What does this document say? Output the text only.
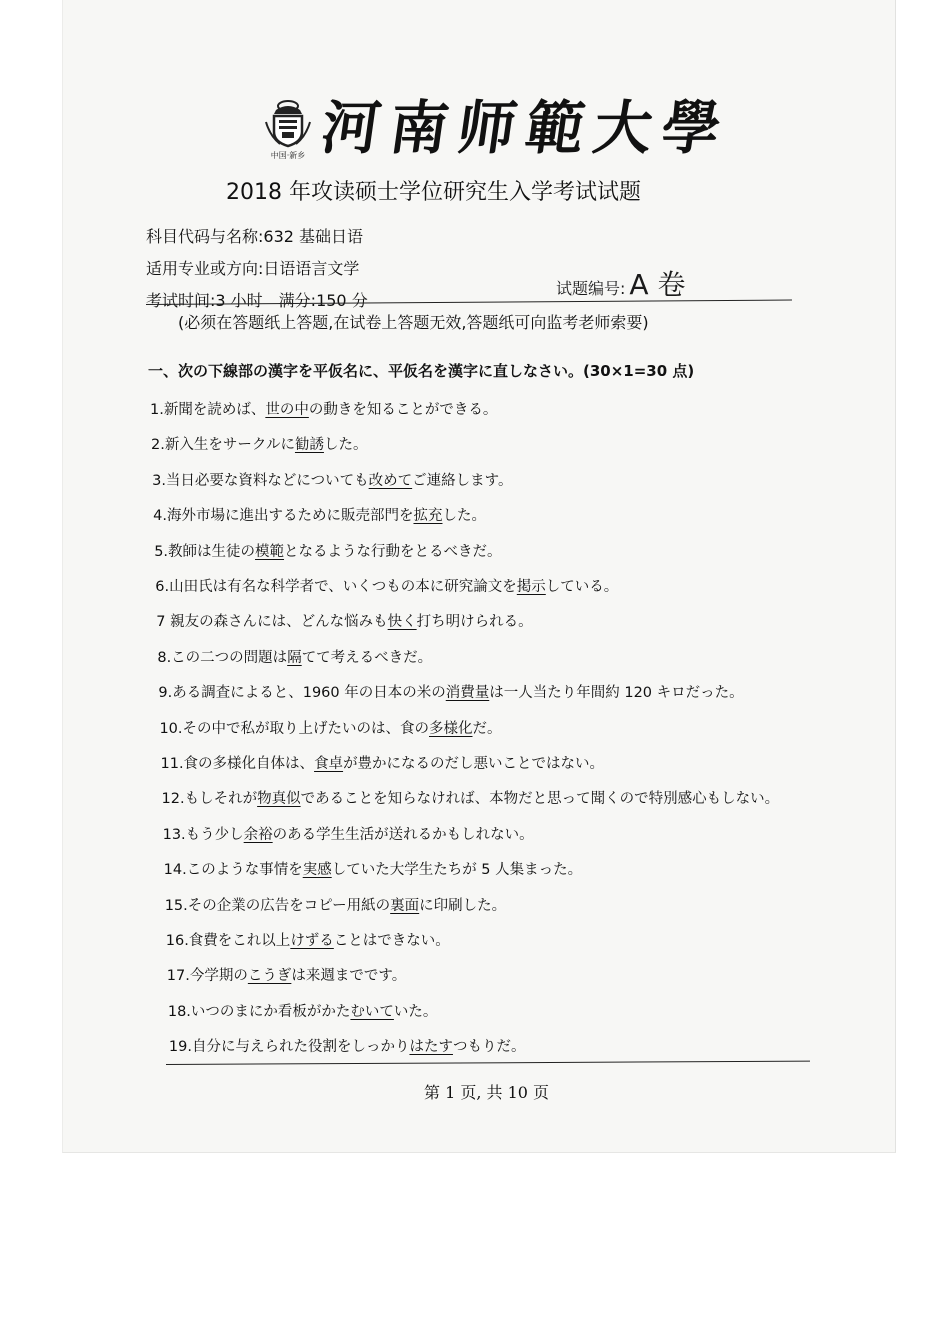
中国·新乡 河南师範大學
2018 年攻读硕士学位研究生入学考试试题
科目代码与名称:632 基础日语
适用专业或方向:日语语言文学
考试时间:3 小时 满分:150 分
试题编号: A 卷
(必须在答题纸上答题,在试卷上答题无效,答题纸可向监考老师索要)
一、次の下線部の漢字を平仮名に、平仮名を漢字に直しなさい。(30×1=30 点)
1.新聞を読めば、世の中の動きを知ることができる。
2.新入生をサークルに勧誘した。
3.当日必要な資料などについても改めてご連絡します。
4.海外市場に進出するために販売部門を拡充した。
5.教師は生徒の模範となるような行動をとるべきだ。
6.山田氏は有名な科学者で、いくつもの本に研究論文を掲示している。
7 親友の森さんには、どんな悩みも快く打ち明けられる。
8.この二つの問題は隔てて考えるべきだ。
9.ある調査によると、1960 年の日本の米の消費量は一人当たり年間約 120 キロだった。
10.その中で私が取り上げたいのは、食の多様化だ。
11.食の多様化自体は、食卓が豊かになるのだし悪いことではない。
12.もしそれが物真似であることを知らなければ、本物だと思って聞くので特別感心もしない。
13.もう少し余裕のある学生生活が送れるかもしれない。
14.このような事情を実感していた大学生たちが 5 人集まった。
15.その企業の広告をコピー用紙の裏面に印刷した。
16.食費をこれ以上けずることはできない。
17.今学期のこうぎは来週までです。
18.いつのまにか看板がかたむいていた。
19.自分に与えられた役割をしっかりはたすつもりだ。
第 1 页, 共 10 页
